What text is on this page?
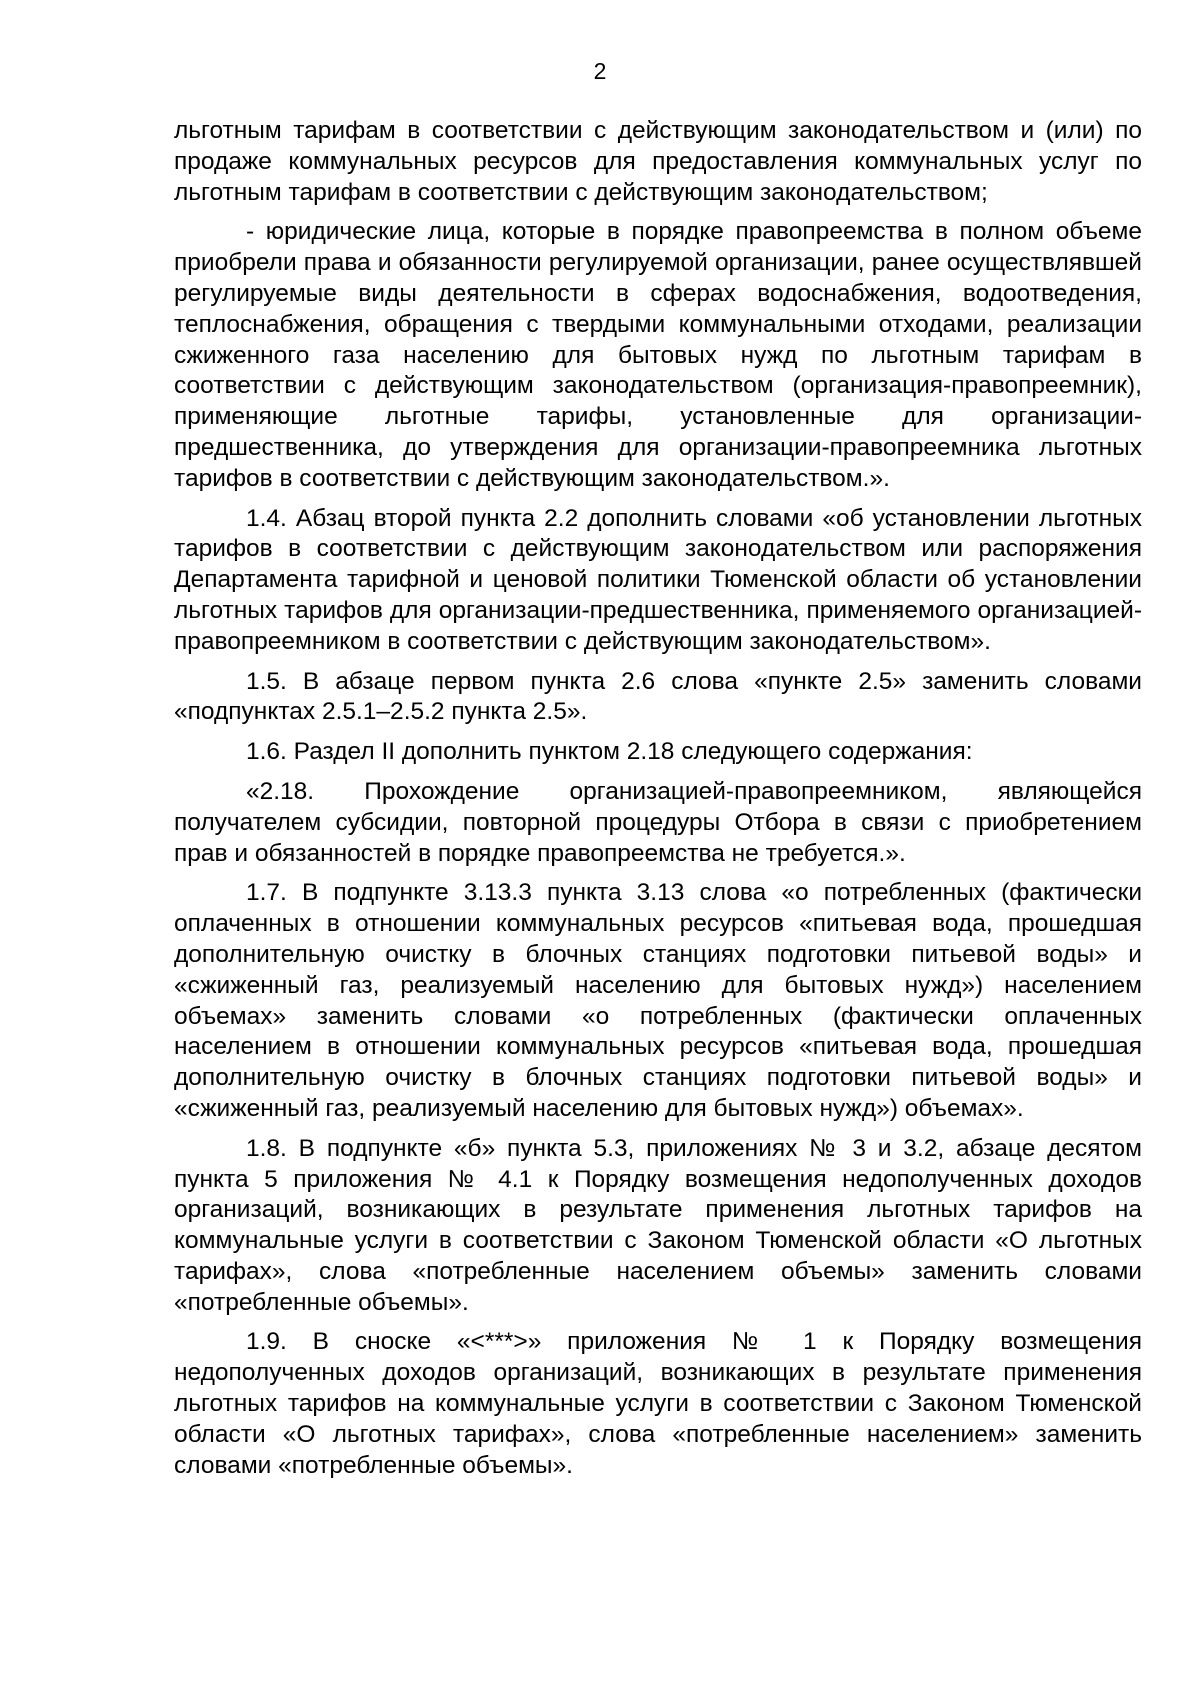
2

льготным тарифам в соответствии с действующим законодательством и (или) по продаже коммунальных ресурсов для предоставления коммунальных услуг по льготным тарифам в соответствии с действующим законодательством;

- юридические лица, которые в порядке правопреемства в полном объеме приобрели права и обязанности регулируемой организации, ранее осуществлявшей регулируемые виды деятельности в сферах водоснабжения, водоотведения, теплоснабжения, обращения с твердыми коммунальными отходами, реализации сжиженного газа населению для бытовых нужд по льготным тарифам в соответствии с действующим законодательством (организация-правопреемник), применяющие льготные тарифы, установленные для организации-предшественника, до утверждения для организации-правопреемника льготных тарифов в соответствии с действующим законодательством.».

1.4. Абзац второй пункта 2.2 дополнить словами «об установлении льготных тарифов в соответствии с действующим законодательством или распоряжения Департамента тарифной и ценовой политики Тюменской области об установлении льготных тарифов для организации-предшественника, применяемого организацией-правопреемником в соответствии с действующим законодательством».

1.5. В абзаце первом пункта 2.6 слова «пункте 2.5» заменить словами «подпунктах 2.5.1–2.5.2 пункта 2.5».

1.6. Раздел II дополнить пунктом 2.18 следующего содержания:

«2.18. Прохождение организацией-правопреемником, являющейся получателем субсидии, повторной процедуры Отбора в связи с приобретением прав и обязанностей в порядке правопреемства не требуется.».

1.7. В подпункте 3.13.3 пункта 3.13 слова «о потребленных (фактически оплаченных в отношении коммунальных ресурсов «питьевая вода, прошедшая дополнительную очистку в блочных станциях подготовки питьевой воды» и «сжиженный газ, реализуемый населению для бытовых нужд») населением объемах» заменить словами «о потребленных (фактически оплаченных населением в отношении коммунальных ресурсов «питьевая вода, прошедшая дополнительную очистку в блочных станциях подготовки питьевой воды» и «сжиженный газ, реализуемый населению для бытовых нужд») объемах».

1.8. В подпункте «б» пункта 5.3, приложениях № 3 и 3.2, абзаце десятом пункта 5 приложения № 4.1 к Порядку возмещения недополученных доходов организаций, возникающих в результате применения льготных тарифов на коммунальные услуги в соответствии с Законом Тюменской области «О льготных тарифах», слова «потребленные населением объемы» заменить словами «потребленные объемы».

1.9. В сноске «<***>» приложения № 1 к Порядку возмещения недополученных доходов организаций, возникающих в результате применения льготных тарифов на коммунальные услуги в соответствии с Законом Тюменской области «О льготных тарифах», слова «потребленные населением» заменить словами «потребленные объемы».
